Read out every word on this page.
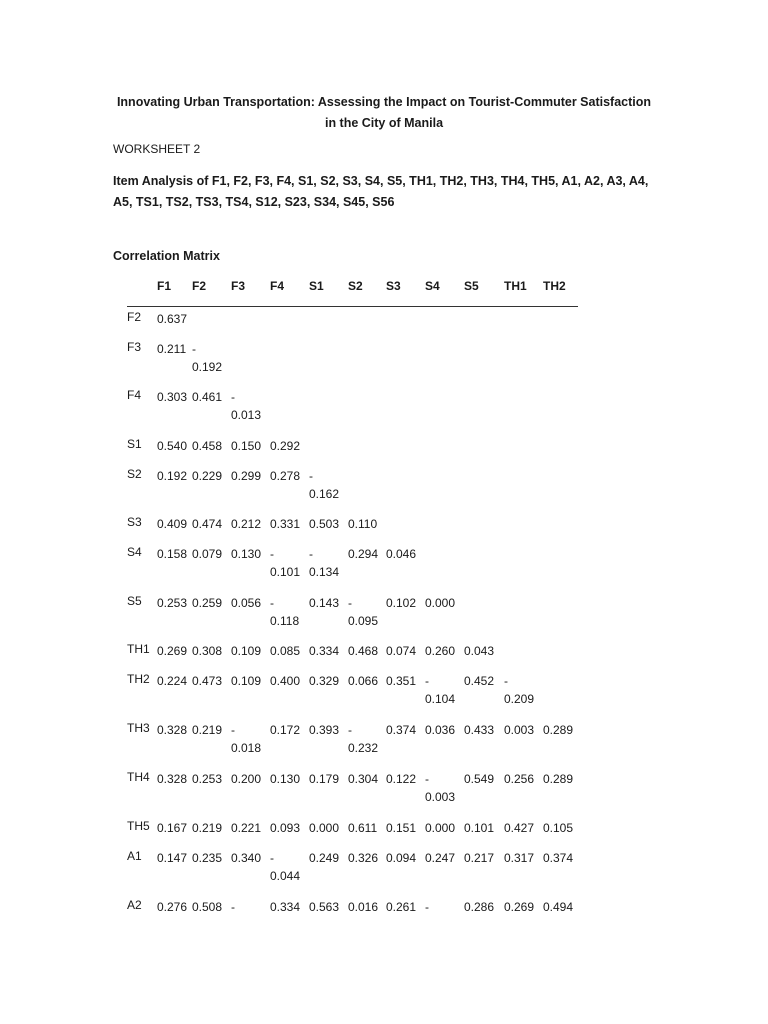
Innovating Urban Transportation: Assessing the Impact on Tourist-Commuter Satisfaction in the City of Manila
WORKSHEET 2
Item Analysis of F1, F2, F3, F4, S1, S2, S3, S4, S5, TH1, TH2, TH3, TH4, TH5, A1, A2, A3, A4, A5, TS1, TS2, TS3, TS4, S12, S23, S34, S45, S56
Correlation Matrix
F1 F2 F3 F4 S1 S2 S3 S4 S5 TH1 TH2
F2 0.637
F3 0.211 -
0.192
F4 0.303 0.461 -
0.013
S1 0.540 0.458 0.150 0.292
S2 0.192 0.229 0.299 0.278 -
0.162
S3 0.409 0.474 0.212 0.331 0.503 0.110
S4 0.158 0.079 0.130 -
0.101
-
0.134
0.294 0.046
S5 0.253 0.259 0.056 -
0.118
0.143 -
0.095
0.102 0.000
TH1 0.269 0.308 0.109 0.085 0.334 0.468 0.074 0.260 0.043
TH2 0.224 0.473 0.109 0.400 0.329 0.066 0.351 -
0.104
0.452 -
0.209
TH3 0.328 0.219 -
0.018
0.172 0.393 -
0.232
0.374 0.036 0.433 0.003 0.289
TH4 0.328 0.253 0.200 0.130 0.179 0.304 0.122 -
0.003
0.549 0.256 0.289
TH5 0.167 0.219 0.221 0.093 0.000 0.611 0.151 0.000 0.101 0.427 0.105
A1 0.147 0.235 0.340 -
0.044
0.249 0.326 0.094 0.247 0.217 0.317 0.374
A2 0.276 0.508 -	0.334 0.563 0.016 0.261 -	0.286 0.269 0.494
